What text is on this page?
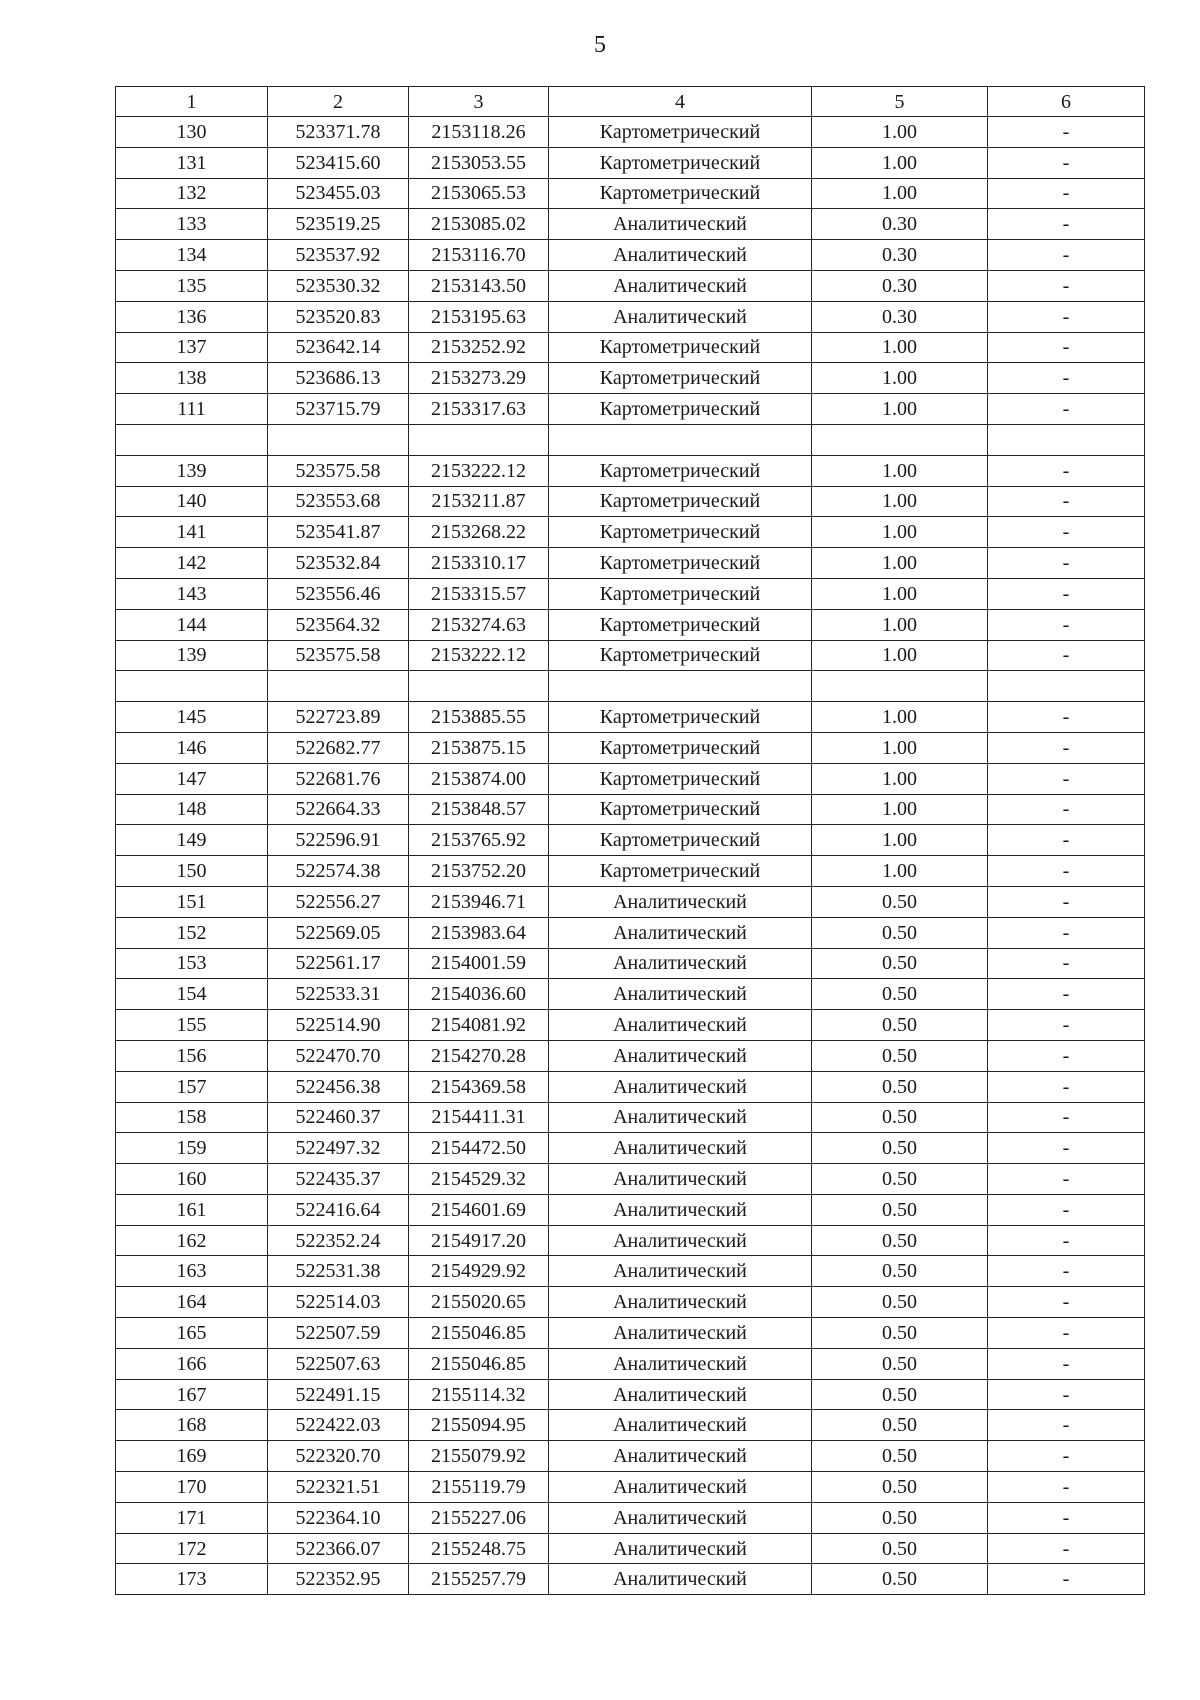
5
1	2	3	4	5	6
130	523371.78	2153118.26	Картометрический	1.00	-
131	523415.60	2153053.55	Картометрический	1.00	-
132	523455.03	2153065.53	Картометрический	1.00	-
133	523519.25	2153085.02	Аналитический	0.30	-
134	523537.92	2153116.70	Аналитический	0.30	-
135	523530.32	2153143.50	Аналитический	0.30	-
136	523520.83	2153195.63	Аналитический	0.30	-
137	523642.14	2153252.92	Картометрический	1.00	-
138	523686.13	2153273.29	Картометрический	1.00	-
111	523715.79	2153317.63	Картометрический	1.00	-

139	523575.58	2153222.12	Картометрический	1.00	-
140	523553.68	2153211.87	Картометрический	1.00	-
141	523541.87	2153268.22	Картометрический	1.00	-
142	523532.84	2153310.17	Картометрический	1.00	-
143	523556.46	2153315.57	Картометрический	1.00	-
144	523564.32	2153274.63	Картометрический	1.00	-
139	523575.58	2153222.12	Картометрический	1.00	-

145	522723.89	2153885.55	Картометрический	1.00	-
146	522682.77	2153875.15	Картометрический	1.00	-
147	522681.76	2153874.00	Картометрический	1.00	-
148	522664.33	2153848.57	Картометрический	1.00	-
149	522596.91	2153765.92	Картометрический	1.00	-
150	522574.38	2153752.20	Картометрический	1.00	-
151	522556.27	2153946.71	Аналитический	0.50	-
152	522569.05	2153983.64	Аналитический	0.50	-
153	522561.17	2154001.59	Аналитический	0.50	-
154	522533.31	2154036.60	Аналитический	0.50	-
155	522514.90	2154081.92	Аналитический	0.50	-
156	522470.70	2154270.28	Аналитический	0.50	-
157	522456.38	2154369.58	Аналитический	0.50	-
158	522460.37	2154411.31	Аналитический	0.50	-
159	522497.32	2154472.50	Аналитический	0.50	-
160	522435.37	2154529.32	Аналитический	0.50	-
161	522416.64	2154601.69	Аналитический	0.50	-
162	522352.24	2154917.20	Аналитический	0.50	-
163	522531.38	2154929.92	Аналитический	0.50	-
164	522514.03	2155020.65	Аналитический	0.50	-
165	522507.59	2155046.85	Аналитический	0.50	-
166	522507.63	2155046.85	Аналитический	0.50	-
167	522491.15	2155114.32	Аналитический	0.50	-
168	522422.03	2155094.95	Аналитический	0.50	-
169	522320.70	2155079.92	Аналитический	0.50	-
170	522321.51	2155119.79	Аналитический	0.50	-
171	522364.10	2155227.06	Аналитический	0.50	-
172	522366.07	2155248.75	Аналитический	0.50	-
173	522352.95	2155257.79	Аналитический	0.50	-
